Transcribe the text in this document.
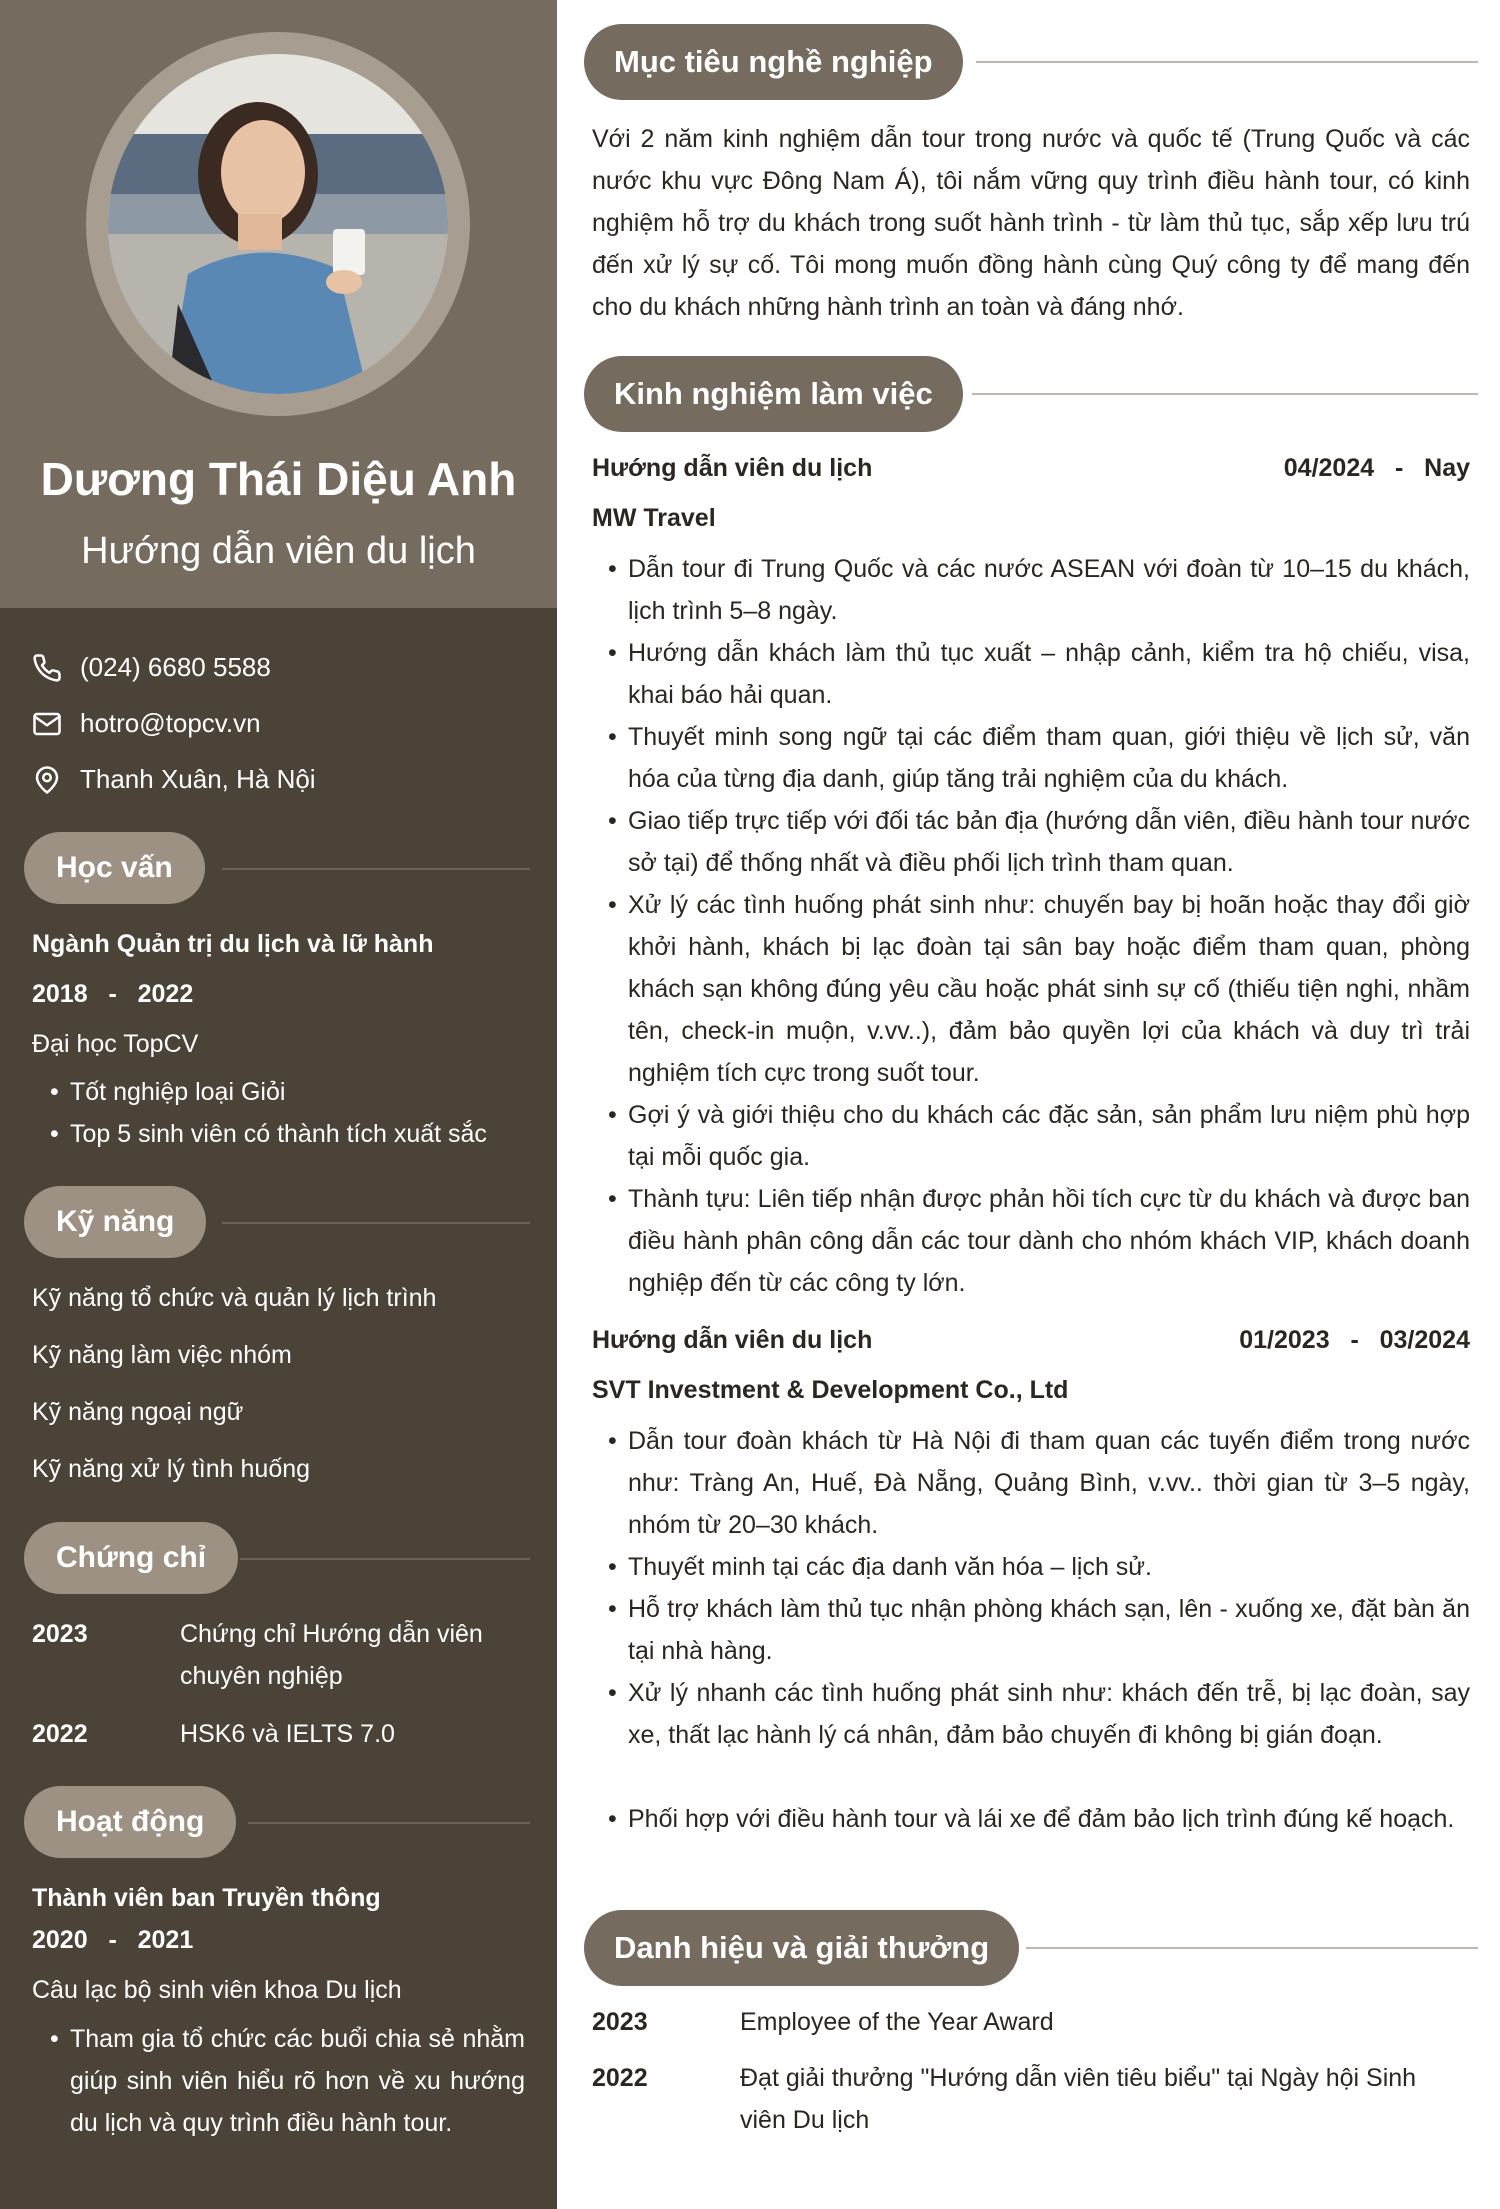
Dương Thái Diệu Anh
Hướng dẫn viên du lịch
(024) 6680 5588
hotro@topcv.vn
Thanh Xuân, Hà Nội
Học vấn
Ngành Quản trị du lịch và lữ hành
2018   -   2022
Đại học TopCV
• Tốt nghiệp loại Giỏi
• Top 5 sinh viên có thành tích xuất sắc
Kỹ năng
Kỹ năng tổ chức và quản lý lịch trình
Kỹ năng làm việc nhóm
Kỹ năng ngoại ngữ
Kỹ năng xử lý tình huống
Chứng chỉ
2023	Chứng chỉ Hướng dẫn viên
chuyên nghiệp
2022	HSK6 và IELTS 7.0
Hoạt động
Thành viên ban Truyền thông
2020   -   2021
Câu lạc bộ sinh viên khoa Du lịch
• Tham gia tổ chức các buổi chia sẻ nhằm giúp sinh viên hiểu rõ hơn về xu hướng du lịch và quy trình điều hành tour.
Mục tiêu nghề nghiệp
Với 2 năm kinh nghiệm dẫn tour trong nước và quốc tế (Trung Quốc và các nước khu vực Đông Nam Á), tôi nắm vững quy trình điều hành tour, có kinh nghiệm hỗ trợ du khách trong suốt hành trình - từ làm thủ tục, sắp xếp lưu trú đến xử lý sự cố. Tôi mong muốn đồng hành cùng Quý công ty để mang đến cho du khách những hành trình an toàn và đáng nhớ.
Kinh nghiệm làm việc
Hướng dẫn viên du lịch	04/2024   -   Nay
MW Travel
• Dẫn tour đi Trung Quốc và các nước ASEAN với đoàn từ 10–15 du khách, lịch trình 5–8 ngày.
• Hướng dẫn khách làm thủ tục xuất – nhập cảnh, kiểm tra hộ chiếu, visa, khai báo hải quan.
• Thuyết minh song ngữ tại các điểm tham quan, giới thiệu về lịch sử, văn hóa của từng địa danh, giúp tăng trải nghiệm của du khách.
• Giao tiếp trực tiếp với đối tác bản địa (hướng dẫn viên, điều hành tour nước sở tại) để thống nhất và điều phối lịch trình tham quan.
• Xử lý các tình huống phát sinh như: chuyến bay bị hoãn hoặc thay đổi giờ khởi hành, khách bị lạc đoàn tại sân bay hoặc điểm tham quan, phòng khách sạn không đúng yêu cầu hoặc phát sinh sự cố (thiếu tiện nghi, nhầm tên, check-in muộn, v.vv..), đảm bảo quyền lợi của khách và duy trì trải nghiệm tích cực trong suốt tour.
• Gợi ý và giới thiệu cho du khách các đặc sản, sản phẩm lưu niệm phù hợp tại mỗi quốc gia.
• Thành tựu: Liên tiếp nhận được phản hồi tích cực từ du khách và được ban điều hành phân công dẫn các tour dành cho nhóm khách VIP, khách doanh nghiệp đến từ các công ty lớn.
Hướng dẫn viên du lịch	01/2023   -   03/2024
SVT Investment & Development Co., Ltd
• Dẫn tour đoàn khách từ Hà Nội đi tham quan các tuyến điểm trong nước như: Tràng An, Huế, Đà Nẵng, Quảng Bình, v.vv.. thời gian từ 3–5 ngày, nhóm từ 20–30 khách.
• Thuyết minh tại các địa danh văn hóa – lịch sử.
• Hỗ trợ khách làm thủ tục nhận phòng khách sạn, lên - xuống xe, đặt bàn ăn tại nhà hàng.
• Xử lý nhanh các tình huống phát sinh như: khách đến trễ, bị lạc đoàn, say xe, thất lạc hành lý cá nhân, đảm bảo chuyến đi không bị gián đoạn.
• Phối hợp với điều hành tour và lái xe để đảm bảo lịch trình đúng kế hoạch.
Danh hiệu và giải thưởng
2023	Employee of the Year Award
2022	Đạt giải thưởng "Hướng dẫn viên tiêu biểu" tại Ngày hội Sinh
viên Du lịch
